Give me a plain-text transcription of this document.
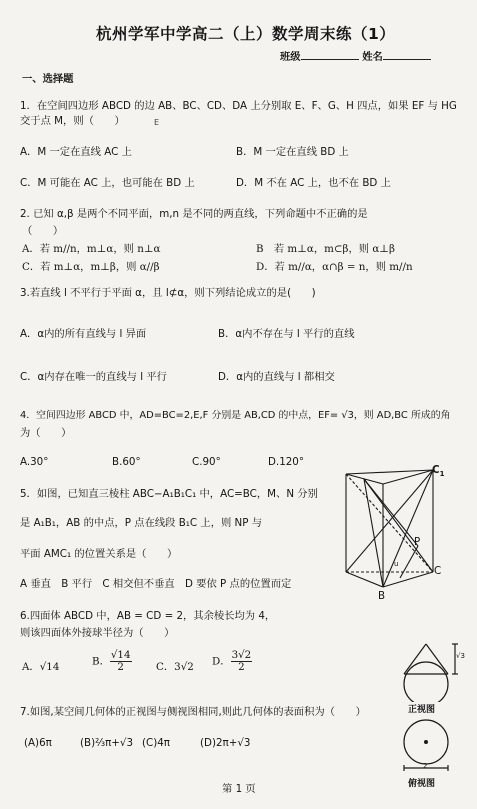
杭州学军中学高二（上）数学周末练（1）
班级	姓名
一、选择题
1．在空间四边形 ABCD 的边 AB、BC、CD、DA 上分别取 E、F、G、H 四点，如果 EF 与 HG
交于点 M，则（　　）	E
A．M 一定在直线 AC 上	B．M 一定在直线 BD 上
C．M 可能在 AC 上，也可能在 BD 上	D．M 不在 AC 上，也不在 BD 上
2. 已知 α,β 是两个不同平面，m,n 是不同的两直线，下列命题中不正确的是
（　　）
A．若 m//n，m⊥α，则 n⊥α	B　若 m⊥α，m⊂β，则 α⊥β
C．若 m⊥α，m⊥β，则 α//β	D．若 m//α，α∩β = n，则 m//n
3.若直线 l 不平行于平面 α，且 l⊄α，则下列结论成立的是(　　)
A．α内的所有直线与 l 异面	B．α内不存在与 l 平行的直线
C．α内存在唯一的直线与 l 平行	D．α内的直线与 l 都相交
4．空间四边形 ABCD 中，AD=BC=2,E,F 分别是 AB,CD 的中点，EF= √3，则 AD,BC 所成的角
为（　　）
A.30°	B.60°	C.90°	D.120°
5．如图，已知直三棱柱 ABC−A₁B₁C₁ 中，AC=BC，M、N 分别
是 A₁B₁，AB 的中点，P 点在线段 B₁C 上，则 NP 与
平面 AMC₁ 的位置关系是（　　）
A 垂直　B 平行　C 相交但不垂直　D 要依 P 点的位置而定
$C_1$
P
B
C
u
6.四面体 ABCD 中，AB = CD = 2，其余棱长均为 4，
则该四面体外接球半径为（　　）
A．√14	B． $\frac{√14}{2}$ C．3√2 D． $\frac{3√2}{2}$
7.如图,某空间几何体的正视图与侧视图相同,则此几何体的表面积为（　　）
(A)6π	(B)⅔π+√3 (C)4π	(D)2π+√3
√3
正视图
2
俯视图
第 1 页
